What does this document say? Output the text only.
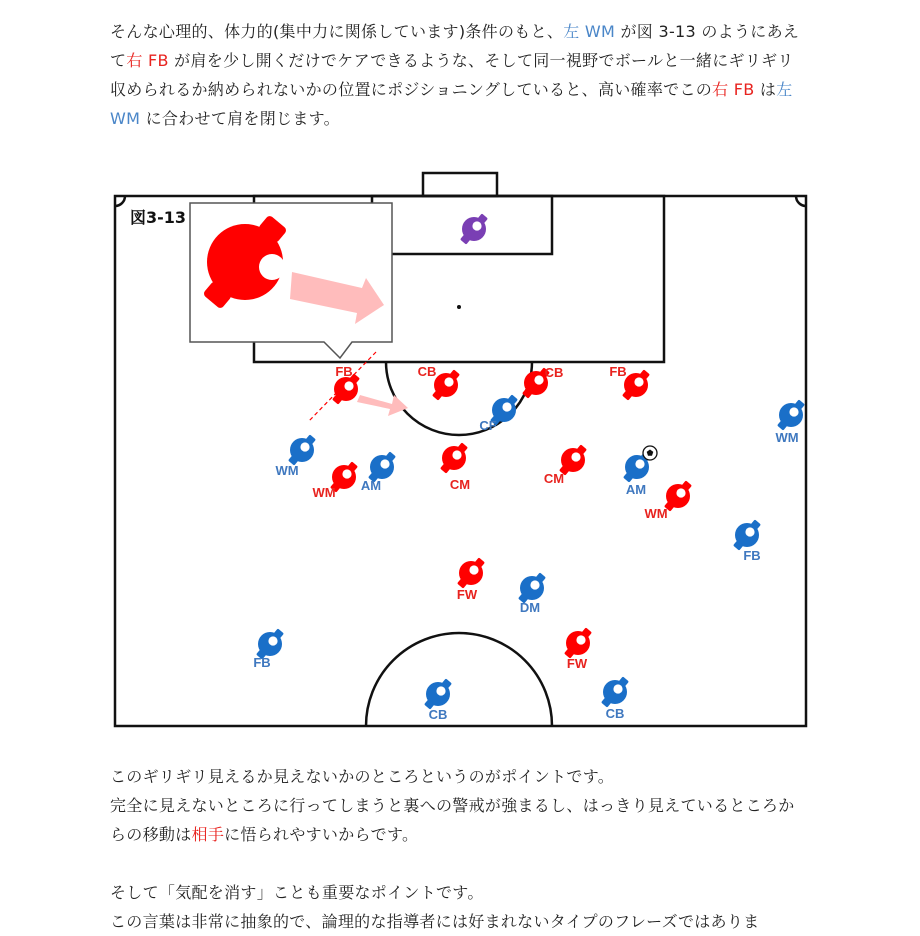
そんな心理的、体力的(集中力に関係しています)条件のもと、左 WM が図 3-13 のようにあえて右 FB が肩を少し開くだけでケアできるような、そして同一視野でボールと一緒にギリギリ収められるか納められないかの位置にポジショニングしていると、高い確率でこの右 FB は左 WM に合わせて肩を閉じます。

FB	CB	CB	FB
WM
CM	CM
WM
FW
FW
CF
WM
WM
AM	AM
FB
DM
FB
CB	CB
図3-13

このギリギリ見えるか見えないかのところというのがポイントです。
完全に見えないところに行ってしまうと裏への警戒が強まるし、はっきり見えているところからの移動は相手に悟られやすいからです。

そして「気配を消す」ことも重要なポイントです。
この言葉は非常に抽象的で、論理的な指導者には好まれないタイプのフレーズではありま
